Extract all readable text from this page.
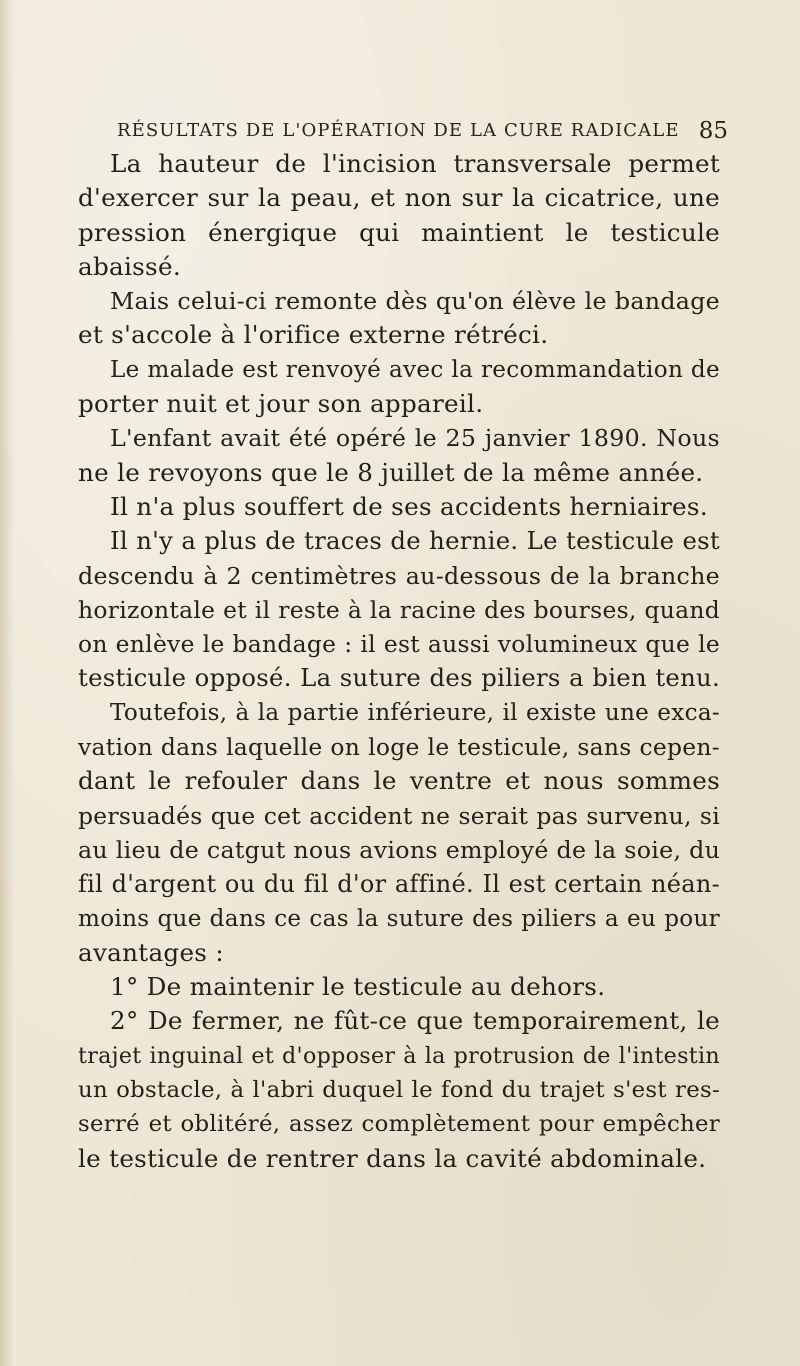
RÉSULTATS DE L'OPÉRATION DE LA CURE RADICALE 85
La hauteur de l'incision transversale permet
d'exercer sur la peau, et non sur la cicatrice, une
pression énergique qui maintient le testicule
abaissé.
Mais celui-ci remonte dès qu'on élève le bandage
et s'accole à l'orifice externe rétréci.
Le malade est renvoyé avec la recommandation de
porter nuit et jour son appareil.
L'enfant avait été opéré le 25 janvier 1890. Nous
ne le revoyons que le 8 juillet de la même année.
Il n'a plus souffert de ses accidents herniaires.
Il n'y a plus de traces de hernie. Le testicule est
descendu à 2 centimètres au-dessous de la branche
horizontale et il reste à la racine des bourses, quand
on enlève le bandage : il est aussi volumineux que le
testicule opposé. La suture des piliers a bien tenu.
Toutefois, à la partie inférieure, il existe une exca-
vation dans laquelle on loge le testicule, sans cepen-
dant le refouler dans le ventre et nous sommes
persuadés que cet accident ne serait pas survenu, si
au lieu de catgut nous avions employé de la soie, du
fil d'argent ou du fil d'or affiné. Il est certain néan-
moins que dans ce cas la suture des piliers a eu pour
avantages :
1° De maintenir le testicule au dehors.
2° De fermer, ne fût-ce que temporairement, le
trajet inguinal et d'opposer à la protrusion de l'intestin
un obstacle, à l'abri duquel le fond du trajet s'est res-
serré et oblitéré, assez complètement pour empêcher
le testicule de rentrer dans la cavité abdominale.
